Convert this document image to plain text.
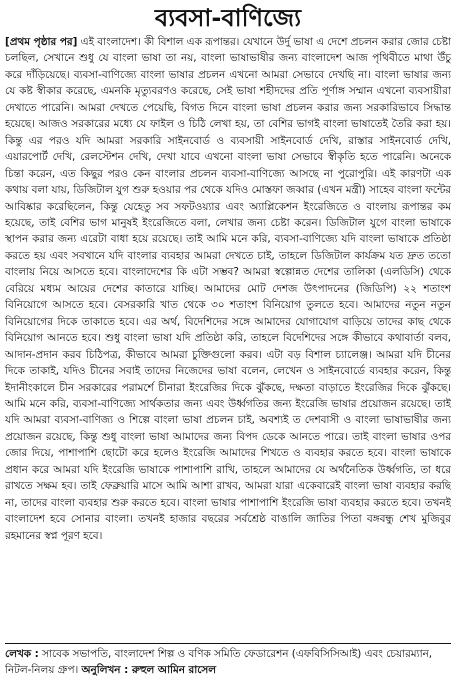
ব্যবসা-বাণিজ্যে

[প্রথম পৃষ্ঠার পর] এই বাংলাদেশ। কী বিশাল এক রূপান্তর। যেখানে উর্দু ভাষা এ দেশে প্রচলন করার জোর চেষ্টা চলছিল, সেখানে শুধু যে বাংলা ভাষা তা নয়, বাংলা ভাষাভাষীর জন্য বাংলাদেশ আজ পৃথিবীতে মাথা উঁচু করে দাঁড়িয়েছে। ব্যবসা-বাণিজ্যে বাংলা ভাষার প্রচলন এখনো আমরা সেভাবে দেখছি না। বাংলা ভাষার জন্য যে কষ্ট স্বীকার করেছে, এমনকি মৃত্যুবরণও করেছে, সেই ভাষা শহীদদের প্রতি পূর্ণাঙ্গ সম্মান এখনো ব্যবসায়ীরা দেখাতে পারেনি। আমরা দেখতে পেয়েছি, বিগত দিনে বাংলা ভাষা প্রচলন করার জন্য সরকারিভাবে সিদ্ধান্ত হয়েছে। আজও সরকারের মধ্যে যে ফাইল ও চিঠি লেখা হয়, তা বেশির ভাগই বাংলা ভাষাতেই তৈরি করা হয়। কিন্তু এর পরও যদি আমরা সরকারি সাইনবোর্ড ও ব্যবসায়ী সাইনবোর্ড দেখি, রাস্তার সাইনবোর্ড দেখি, এয়ারপোর্ট দেখি, রেলস্টেশন দেখি, দেখা যাবে এখনো বাংলা ভাষা সেভাবে স্বীকৃতি হতে পারেনি। অনেকে চিন্তা করেন, এত কিছুর পরও কেন বাংলার প্রচলন ব্যবসা-বাণিজ্যে আসছে না পুরোপুরি। এই কারণটা এক কথায় বলা যায়, ডিজিটাল যুগ শুরু হওয়ার পর থেকে যদিও মোস্তফা জব্বার (এখন মন্ত্রী) সাহেব বাংলা ফন্টের আবিষ্কার করেছিলেন, কিন্তু যেহেতু সব সফটওয়্যার এবং অ্যাপ্লিকেশন ইংরেজিতে ও বাংলায় রূপান্তর কম হয়েছে, তাই বেশির ভাগ মানুষই ইংরেজিতে বলা, লেখার জন্য চেষ্টা করেন। ডিজিটাল যুগে বাংলা ভাষাকে স্থাপন করার জন্য এরেটা বাধা হয়ে রয়েছে। তাই আমি মনে করি, ব্যবসা-বাণিজ্যে যদি বাংলা ভাষাকে প্রতিষ্ঠা করতে হয় এবং সবখানে যদি বাংলার ব্যবহার আমরা দেখতে চাই, তাহলে ডিজিটাল কার্যক্রম যত দ্রুত ততো বাংলায় নিয়ে আসতে হবে। বাংলাদেশের কি এটা সম্ভব? আমরা স্বল্পোন্নত দেশের তালিকা (এলডিসি) থেকে বেরিয়ে মধ্যম আয়ের দেশের কাতারে যাচ্ছি। আমাদের মোট দেশজ উৎপাদনের (জিডিপি) ২২ শতাংশ বিনিয়োগে আসতে হবে। বেসরকারি খাত থেকে ৩০ শতাংশ বিনিয়োগ তুলতে হবে। আমাদের নতুন নতুন বিনিয়োগের দিকে তাকাতে হবে। এর অর্থ, বিদেশিদের সঙ্গে আমাদের যোগাযোগ বাড়িয়ে তাদের কাছ থেকে বিনিয়োগ আনতে হবে। শুধু বাংলা ভাষা যদি প্রতিষ্ঠা করি, তাহলে বিদেশিদের সঙ্গে কীভাবে কথাবার্তা বলব, আদান-প্রদান করব চিঠিপত্র, কীভাবে আমরা চুক্তিগুলো করব। এটা বড় বিশাল চ্যালেঞ্জ। আমরা যদি চীনের দিকে তাকাই, যদিও চীনের সবাই তাদের নিজেদের ভাষা বলেন, লেখেন ও সাইনবোর্ডে ব্যবহার করেন, কিন্তু ইদানীংকালে চীন সরকারের পরামর্শে চীনারা ইংরেজির দিকে ঝুঁকছে, দক্ষতা বাড়াতে ইংরেজির দিকে ঝুঁকছে। আমি মনে করি, ব্যবসা-বাণিজ্যে সার্থকতার জন্য এবং উর্ধ্বগতির জন্য ইংরেজি ভাষার প্রয়োজন রয়েছে। তাই যদি আমরা ব্যবসা-বাণিজ্য ও শিল্পে বাংলা ভাষা প্রচলন চাই, অবশ্যই ত দেশবাসী ও বাংলা ভাষাভাষীর জন্য প্রয়োজন রয়েছে, কিন্তু শুধু বাংলা ভাষা আমাদের জন্য বিপদ ডেকে আনতে পারে। তাই বাংলা ভাষার ওপর জোর দিয়ে, পাশাপাশি ছোটো করে হলেও ইংরেজি আমাদের শিখতে ও ব্যবহার করতে হবে। বাংলা ভাষাকে প্রধান করে আমরা যদি ইংরেজি ভাষাকে পাশাপাশি রাখি, তাহলে আমাদের যে অর্থনৈতিক উর্ধ্বগতি, তা ধরে রাখতে সক্ষম হব। তাই ফেব্রুয়ারি মাসে আমি আশা রাখব, আমরা যারা একেবারেই বাংলা ভাষা ব্যবহার করছি না, তাদের বাংলা ব্যবহার শুরু করতে হবে। বাংলা ভাষার পাশাপাশি ইংরেজি ভাষা ব্যবহার করতে হবে। তখনই বাংলাদেশ হবে সোনার বাংলা। তখনই হাজার বছরের সর্বশ্রেষ্ঠ বাঙালি জাতির পিতা বঙ্গবন্ধু শেখ মুজিবুর রহমানের স্বপ্ন পূরণ হবে।

লেখক : সাবেক সভাপতি, বাংলাদেশ শিল্প ও বণিক সমিতি ফেডারেশন (এফবিসিসিআই) এবং চেয়ারম্যান, নিটল-নিলয় গ্রুপ। অনুলিখন : রুহুল আমিন রাসেল
